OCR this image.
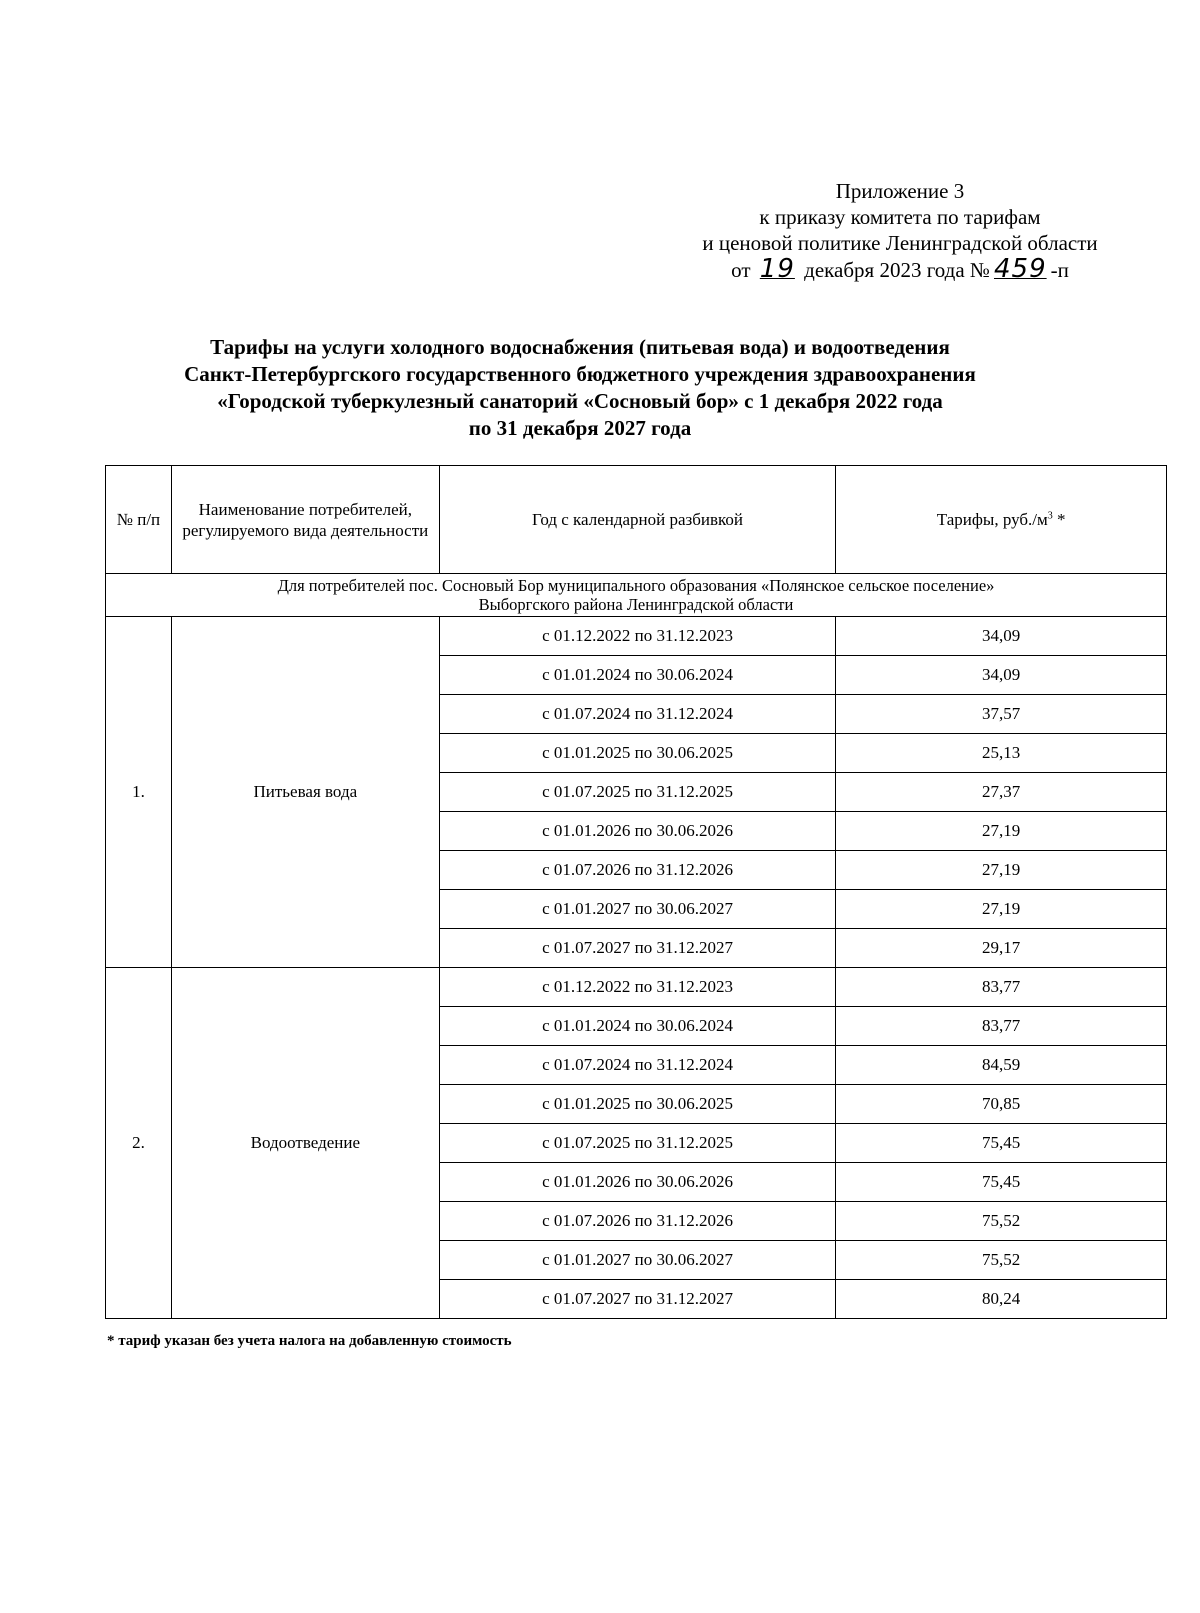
Приложение 3
к приказу комитета по тарифам
и ценовой политике Ленинградской области
от 19 декабря 2023 года № 459 -п
Тарифы на услуги холодного водоснабжения (питьевая вода) и водоотведения
Санкт-Петербургского государственного бюджетного учреждения здравоохранения
«Городской туберкулезный санаторий «Сосновый бор» с 1 декабря 2022 года
по 31 декабря 2027 года
№ п/п	Наименование потребителей, регулируемого вида деятельности	Год с календарной разбивкой	Тарифы, $руб./м^3$ *

Для потребителей пос. Сосновый Бор муниципального образования «Полянское сельское поселение»
Выборгского района Ленинградской области			

1.	Питьевая вода	с 01.12.2022 по 31.12.2023	34,09
		с 01.01.2024 по 30.06.2024	34,09
		с 01.07.2024 по 31.12.2024	37,57
		с 01.01.2025 по 30.06.2025	25,13
		с 01.07.2025 по 31.12.2025	27,37
		с 01.01.2026 по 30.06.2026	27,19
		с 01.07.2026 по 31.12.2026	27,19
		с 01.01.2027 по 30.06.2027	27,19
		с 01.07.2027 по 31.12.2027	29,17
2.	Водоотведение	с 01.12.2022 по 31.12.2023	83,77
		с 01.01.2024 по 30.06.2024	83,77
		с 01.07.2024 по 31.12.2024	84,59
		с 01.01.2025 по 30.06.2025	70,85
		с 01.07.2025 по 31.12.2025	75,45
		с 01.01.2026 по 30.06.2026	75,45
		с 01.07.2026 по 31.12.2026	75,52
		с 01.01.2027 по 30.06.2027	75,52
		с 01.07.2027 по 31.12.2027	80,24
* тариф указан без учета налога на добавленную стоимость
